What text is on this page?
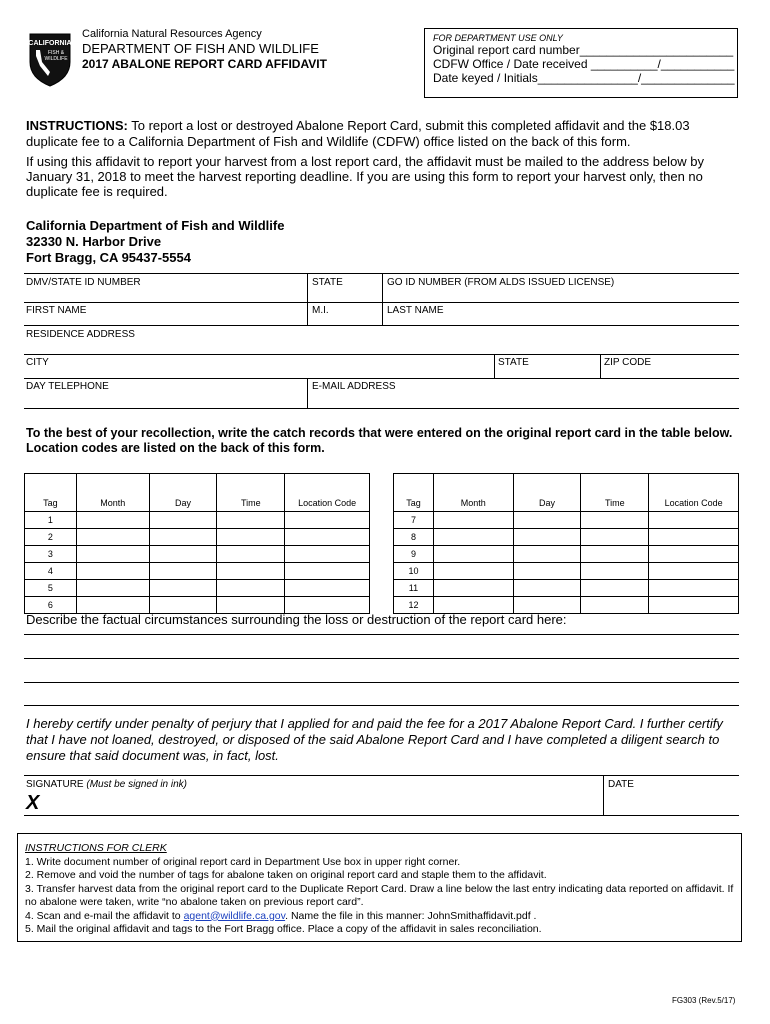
CALIFORNIA
FISH &
WILDLIFE
California Natural Resources Agency
DEPARTMENT OF FISH AND WILDLIFE
2017 ABALONE REPORT CARD AFFIDAVIT
FOR DEPARTMENT USE ONLY
Original report card number_______________________
CDFW Office / Date received __________/___________
Date keyed / Initials_______________/______________
INSTRUCTIONS: To report a lost or destroyed Abalone Report Card, submit this completed affidavit and the $18.03 duplicate fee to a California Department of Fish and Wildlife (CDFW) office listed on the back of this form.
If using this affidavit to report your harvest from a lost report card, the affidavit must be mailed to the address below by January 31, 2018 to meet the harvest reporting deadline. If you are using this form to report your harvest only, then no duplicate fee is required.
California Department of Fish and Wildlife
32330 N. Harbor Drive
Fort Bragg, CA 95437-5554
DMV/STATE ID NUMBER	STATE	GO ID NUMBER (FROM ALDS ISSUED LICENSE)
FIRST NAME	M.I.	LAST NAME
RESIDENCE ADDRESS
CITY	STATE	ZIP CODE
DAY TELEPHONE	E-MAIL ADDRESS
To the best of your recollection, write the catch records that were entered on the original report card in the table below. Location codes are listed on the back of this form.
Tag	Month	Day	Time	Location Code
1				
2				
3				
4				
5				
6				
Tag	Month	Day	Time	Location Code
7				
8				
9				
10				
11				
12				
Describe the factual circumstances surrounding the loss or destruction of the report card here:
I hereby certify under penalty of perjury that I applied for and paid the fee for a 2017 Abalone Report Card. I further certify that I have not loaned, destroyed, or disposed of the said Abalone Report Card and I have completed a diligent search to ensure that said document was, in fact, lost.
SIGNATURE (Must be signed in ink)
X
DATE
INSTRUCTIONS FOR CLERK
1. Write document number of original report card in Department Use box in upper right corner.
2. Remove and void the number of tags for abalone taken on original report card and staple them to the affidavit.
3. Transfer harvest data from the original report card to the Duplicate Report Card. Draw a line below the last entry indicating data reported on affidavit. If no abalone were taken, write “no abalone taken on previous report card”.
4. Scan and e-mail the affidavit to agent@wildlife.ca.gov. Name the file in this manner: JohnSmithaffidavit.pdf .
5. Mail the original affidavit and tags to the Fort Bragg office. Place a copy of the affidavit in sales reconciliation.
FG303 (Rev.5/17)
